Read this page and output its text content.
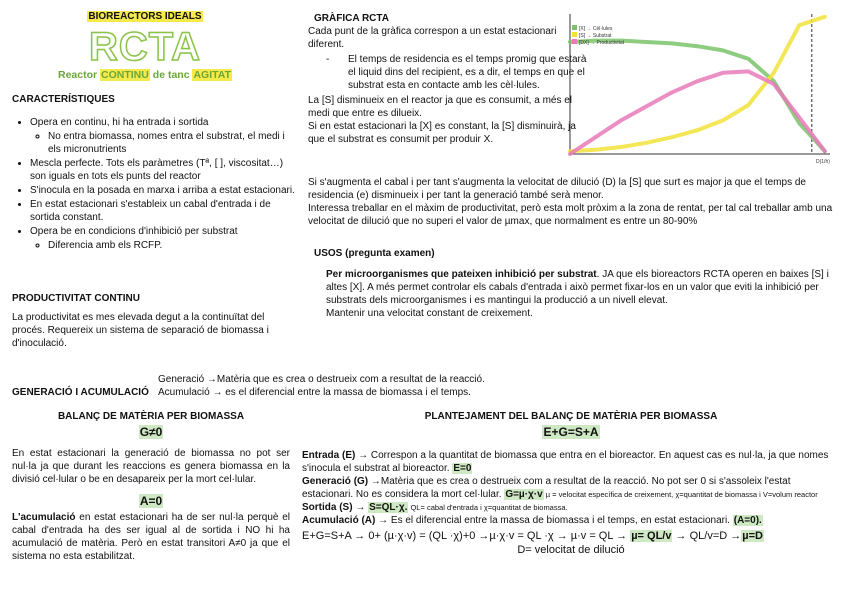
BIOREACTORS IDEALS
RCTA
Reactor CONTINU de tanc AGITAT
CARACTERÍSTIQUES
• Opera en continu, hi ha entrada i sortida
◦ No entra biomassa, nomes entra el substrat, el medi i els micronutrients
• Mescla perfecte. Tots els paràmetres (Tª, [ ], viscositat…) son iguals en tots els punts del reactor
• S'inocula en la posada en marxa i arriba a estat estacionari.
• En estat estacionari s'estableix un cabal d'entrada i de sortida constant.
• Opera be en condicions d'inhibició per substrat
◦ Diferencia amb els RCFP.
PRODUCTIVITAT CONTINU
La productivitat es mes elevada degut a la continuïtat del procés. Requereix un sistema de separació de biomassa i d'inoculació.
GRÀFICA RCTA
Cada punt de la gràfica correspon a un estat estacionari diferent.
- El temps de residencia es el temps promig que estarà el liquid dins del recipient, es a dir, el temps en que el substrat esta en contacte amb les cèl·lules.
La [S] disminueix en el reactor ja que es consumit, a més el medi que entre es diluei​x.
Si en estat estacionari la [X] es constant, la [S] disminuirà, ja que el substrat es consumit per produir X.
[X] → Cèl·lules
[S] → Substrat
[DX] → Productivitat
D(1/h)
Si s'augmenta el cabal i per tant s'augmenta la velocitat de dilució (D) la [S] que surt es major ja que el temps de residencia (e) disminueix i per tant la generació també serà menor.
Interessa treballar en el màxim de productivitat, però esta molt pròxim a la zona de rentat, per tal cal treballar amb una velocitat de dilució que no superi el valor de µmax, que normalment es entre un 80-90%
USOS (pregunta examen)
Per microorganismes que pateixen inhibició per substrat. JA que els bioreactors RCTA operen en baixes [S] i altes [X]. A més permet controlar els cabals d'entrada i això permet fixar-los en un valor que eviti la inhibició per substrats dels microorganismes i es mantingui la producció a un nivell elevat.
Mantenir una velocitat constant de creixement.
GENERACIÓ I ACUMULACIÓ
Generació →Matèria que es crea o destrueix com a resultat de la reacció.
Acumulació → es el diferencial entre la massa de biomassa i el temps.
BALANÇ DE MATÈRIA PER BIOMASSA
G≠0
En estat estacionari la generació de biomassa no pot ser nul·la ja que durant les reaccions es genera biomassa en la divisió cel·lular o be en desapareix per la mort cel·lular.
A=0
L'acumulació en estat estacionari ha de ser nul·la perquè el cabal d'entrada ha des ser igual al de sortida i NO hi ha acumulació de matèria. Però en estat transitori A≠0 ja que el sistema no esta estabilitzat.
PLANTEJAMENT DEL BALANÇ DE MATÈRIA PER BIOMASSA
E+G=S+A
Entrada (E) → Correspon a la quantitat de biomassa que entra en el bioreactor. En aquest cas es nul·la, ja que nomes s'inocula el substrat al bioreactor. E=0
Generació (G) →Matèria que es crea o destrueix com a resultat de la reacció. No pot ser 0 si s'assoleix l'estat estacionari. No es considera la mort cel·lular. G=µ·χ·v µ = velocitat específica de creixement, χ=quantitat de biomassa i V=volum reactor
Sortida (S) → S=QL·χ. QL= cabal d'entrada i χ=quantitat de biomassa.
Acumulació (A) → Es el diferencial entre la massa de biomassa i el temps, en estat estacionari. (A=0).
E+G=S+A → 0+ (µ·χ·v) = (QL ·χ)+0 →µ·χ·v = QL ·χ → µ·v = QL → µ= QL/v → QL/v=D →µ=D
D= velocitat de dilució
